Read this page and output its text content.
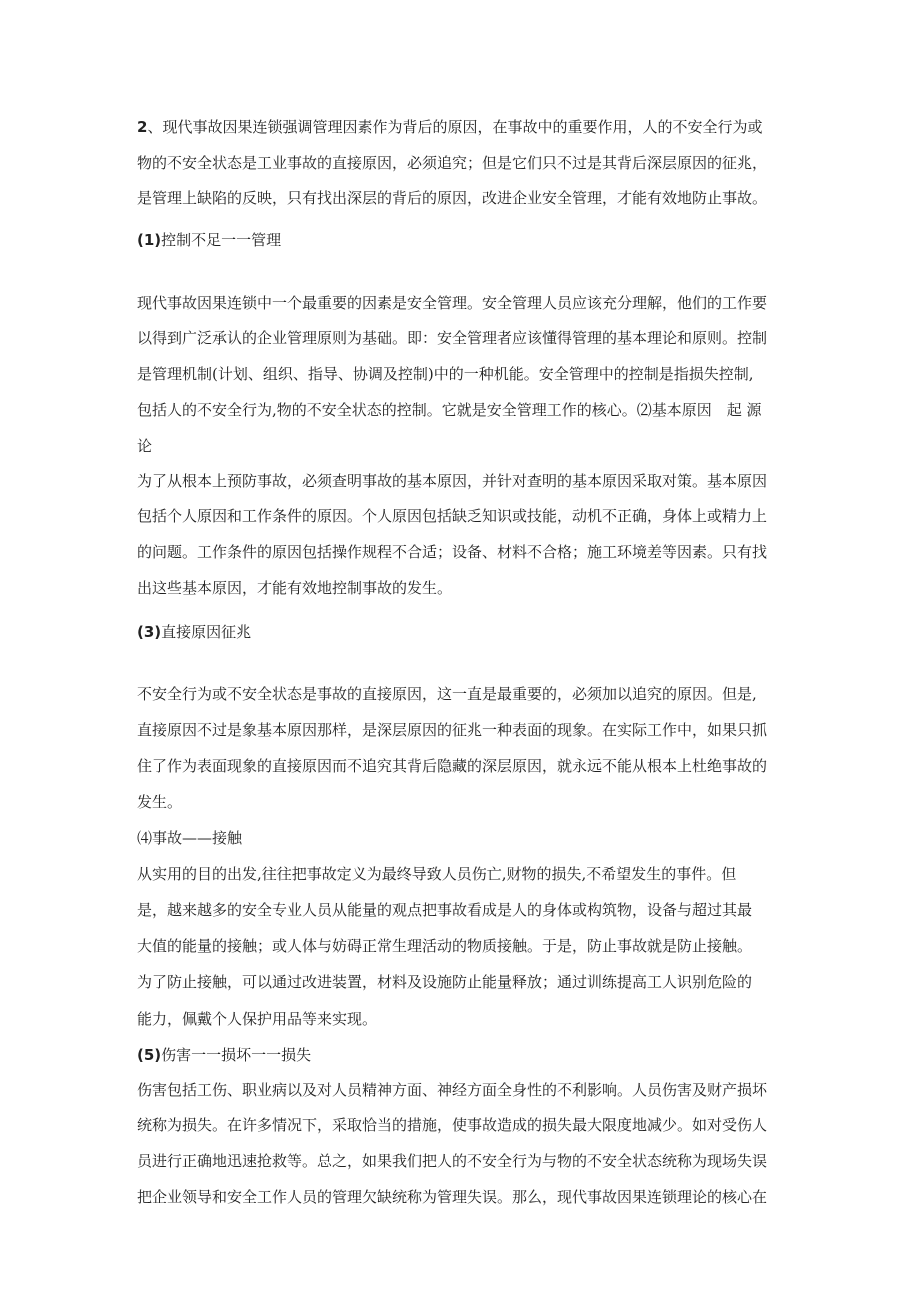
2、现代事故因果连锁强调管理因素作为背后的原因，在事故中的重要作用，人的不安全行为或
物的不安全状态是工业事故的直接原因，必须追究；但是它们只不过是其背后深层原因的征兆，
是管理上缺陷的反映，只有找出深层的背后的原因，改进企业安全管理，才能有效地防止事故。
(1)控制不足一一管理
现代事故因果连锁中一个最重要的因素是安全管理。安全管理人员应该充分理解，他们的工作要
以得到广泛承认的企业管理原则为基础。即：安全管理者应该懂得管理的基本理论和原则。控制
是管理机制(计划、组织、指导、协调及控制)中的一种机能。安全管理中的控制是指损失控制,
包括人的不安全行为,物的不安全状态的控制。它就是安全管理工作的核心。⑵基本原因　起 源
论
为了从根本上预防事故，必须查明事故的基本原因，并针对查明的基本原因采取对策。基本原因
包括个人原因和工作条件的原因。个人原因包括缺乏知识或技能，动机不正确，身体上或精力上
的问题。工作条件的原因包括操作规程不合适；设备、材料不合格；施工环境差等因素。只有找
出这些基本原因，才能有效地控制事故的发生。
(3)直接原因征兆
不安全行为或不安全状态是事故的直接原因，这一直是最重要的，必须加以追究的原因。但是,
直接原因不过是象基本原因那样，是深层原因的征兆一种表面的现象。在实际工作中，如果只抓
住了作为表面现象的直接原因而不追究其背后隐藏的深层原因，就永远不能从根本上杜绝事故的
发生。
⑷事故——接触
从实用的目的出发,往往把事故定义为最终导致人员伤亡,财物的损失,不希望发生的事件。但
是，越来越多的安全专业人员从能量的观点把事故看成是人的身体或构筑物，设备与超过其最
大值的能量的接触；或人体与妨碍正常生理活动的物质接触。于是，防止事故就是防止接触。
为了防止接触，可以通过改进装置，材料及设施防止能量释放；通过训练提高工人识别危险的
能力，佩戴个人保护用品等来实现。
(5)伤害一一损坏一一损失
伤害包括工伤、职业病以及对人员精神方面、神经方面全身性的不利影响。人员伤害及财产损坏
统称为损失。在许多情况下，采取恰当的措施，使事故造成的损失最大限度地减少。如对受伤人
员进行正确地迅速抢救等。总之，如果我们把人的不安全行为与物的不安全状态统称为现场失误
把企业领导和安全工作人员的管理欠缺统称为管理失误。那么，现代事故因果连锁理论的核心在
